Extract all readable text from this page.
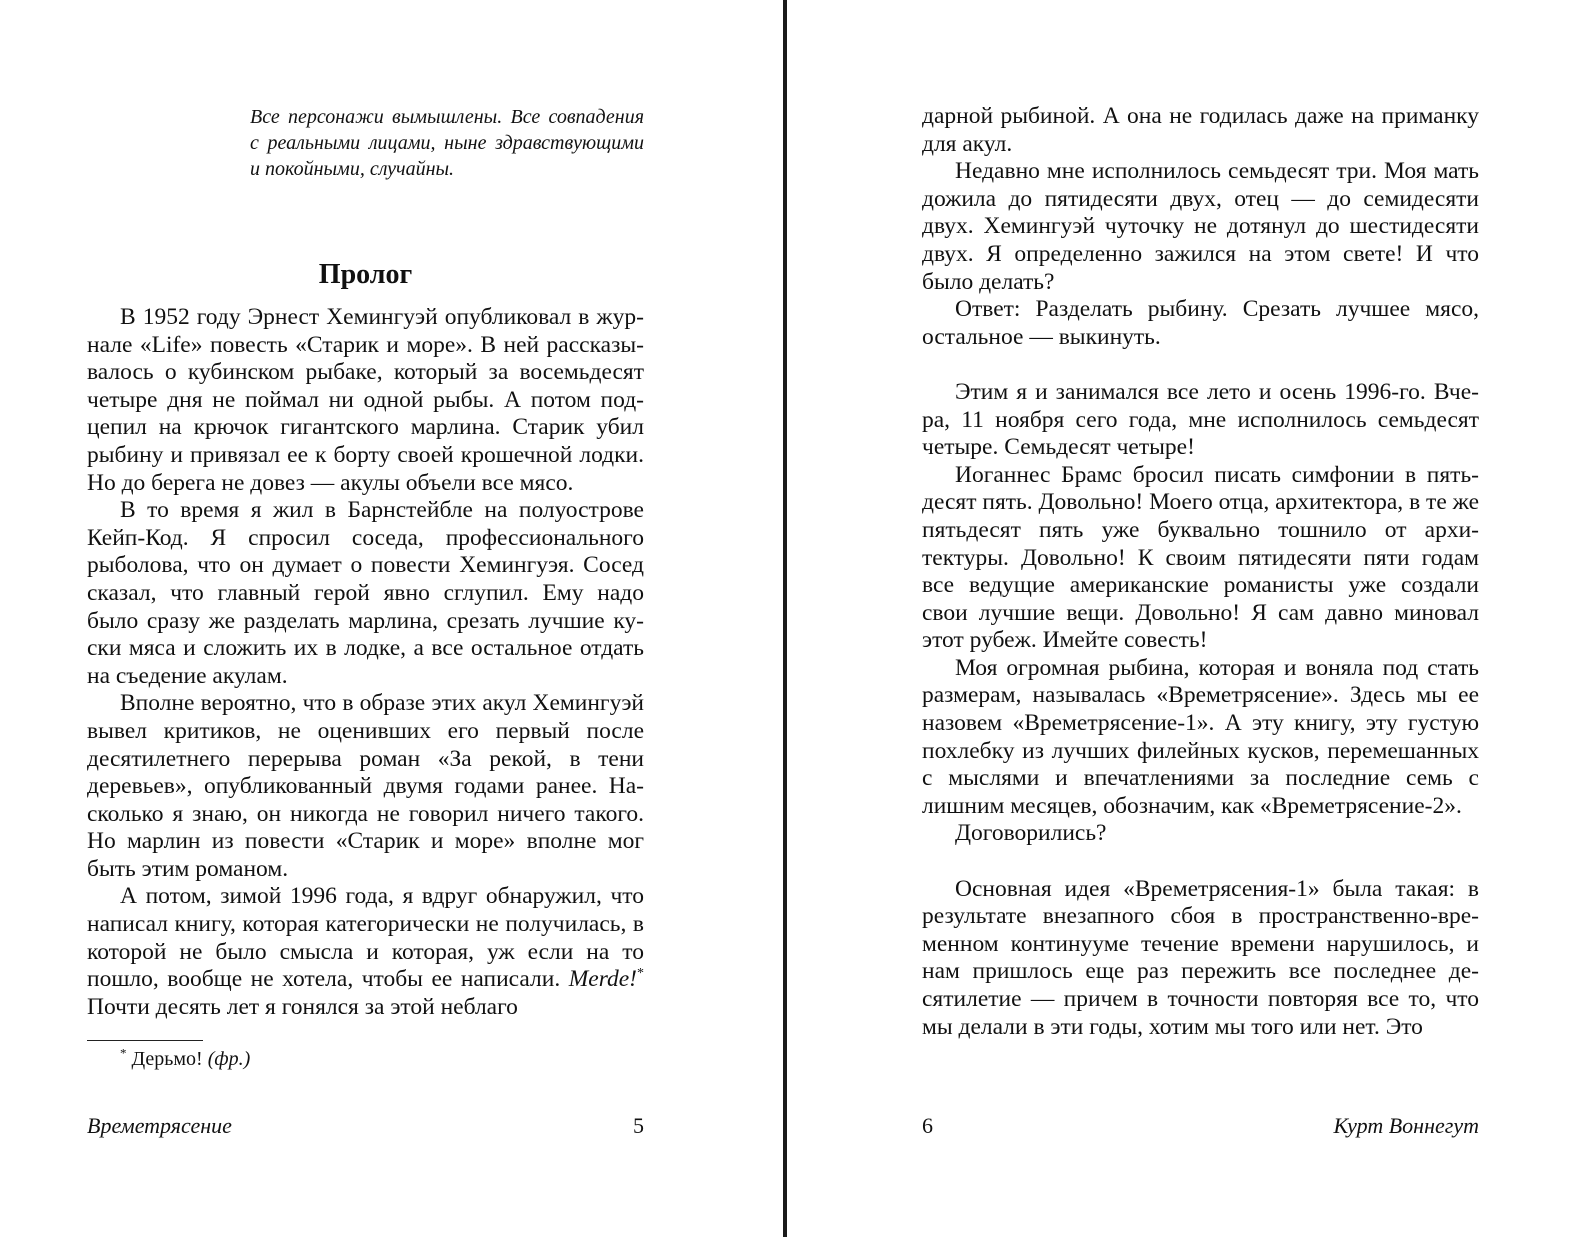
Все персонажи вымышлены. Все совпадения с реальными лицами, ныне здравствующими и покойными, случайны.
Пролог

В 1952 году Эрнест Хемингуэй опубликовал в журнале «Life» повесть «Старик и море». В ней рассказывалось о кубинском рыбаке, который за восемьдесят четыре дня не поймал ни одной рыбы. А потом подцепил на крючок гигантского марлина. Старик убил рыбину и привязал ее к борту своей крошечной лодки. Но до берега не довез — акулы объели все мясо.

В то время я жил в Барнстейбле на полуострове Кейп-Код. Я спросил соседа, профессионального рыболова, что он думает о повести Хемингуэя. Сосед сказал, что главный герой явно сглупил. Ему надо было сразу же разделать марлина, срезать лучшие куски мяса и сложить их в лодке, а все остальное отдать на съедение акулам.

Вполне вероятно, что в образе этих акул Хемингуэй вывел критиков, не оценивших его первый после десятилетнего перерыва роман «За рекой, в тени деревьев», опубликованный двумя годами ранее. Насколько я знаю, он никогда не говорил ничего такого. Но марлин из повести «Старик и море» вполне мог быть этим романом.

А потом, зимой 1996 года, я вдруг обнаружил, что написал книгу, которая категорически не получилась, в которой не было смысла и которая, уж если на то пошло, вообще не хотела, чтобы ее написали. Merde!* Почти десять лет я гонялся за этой неблаго

* Дерьмо! (фр.)
Времетрясение	5

дарной рыбиной. А она не годилась даже на приманку для акул.

Недавно мне исполнилось семьдесят три. Моя мать дожила до пятидесяти двух, отец — до семидесяти двух. Хемингуэй чуточку не дотянул до шестидесяти двух. Я определенно зажился на этом свете! И что было делать?

Ответ: Разделать рыбину. Срезать лучшее мясо, остальное — выкинуть.

Этим я и занимался все лето и осень 1996-го. Вчера, 11 ноября сего года, мне исполнилось семьдесят четыре. Семьдесят четыре!

Иоганнес Брамс бросил писать симфонии в пятьдесят пять. Довольно! Моего отца, архитектора, в те же пятьдесят пять уже буквально тошнило от архитектуры. Довольно! К своим пятидесяти пяти годам все ведущие американские романисты уже создали свои лучшие вещи. Довольно! Я сам давно миновал этот рубеж. Имейте совесть!

Моя огромная рыбина, которая и воняла под стать размерам, называлась «Времетрясение». Здесь мы ее назовем «Времетрясение-1». А эту книгу, эту густую похлебку из лучших филейных кусков, перемешанных с мыслями и впечатлениями за последние семь с лишним месяцев, обозначим, как «Времетрясение-2».

Договорились?

Основная идея «Времетрясения-1» была такая: в результате внезапного сбоя в пространственно-временном континууме течение времени нарушилось, и нам пришлось еще раз пережить все последнее десятилетие — причем в точности повторяя все то, что мы делали в эти годы, хотим мы того или нет. Это

6	Курт Воннегут
